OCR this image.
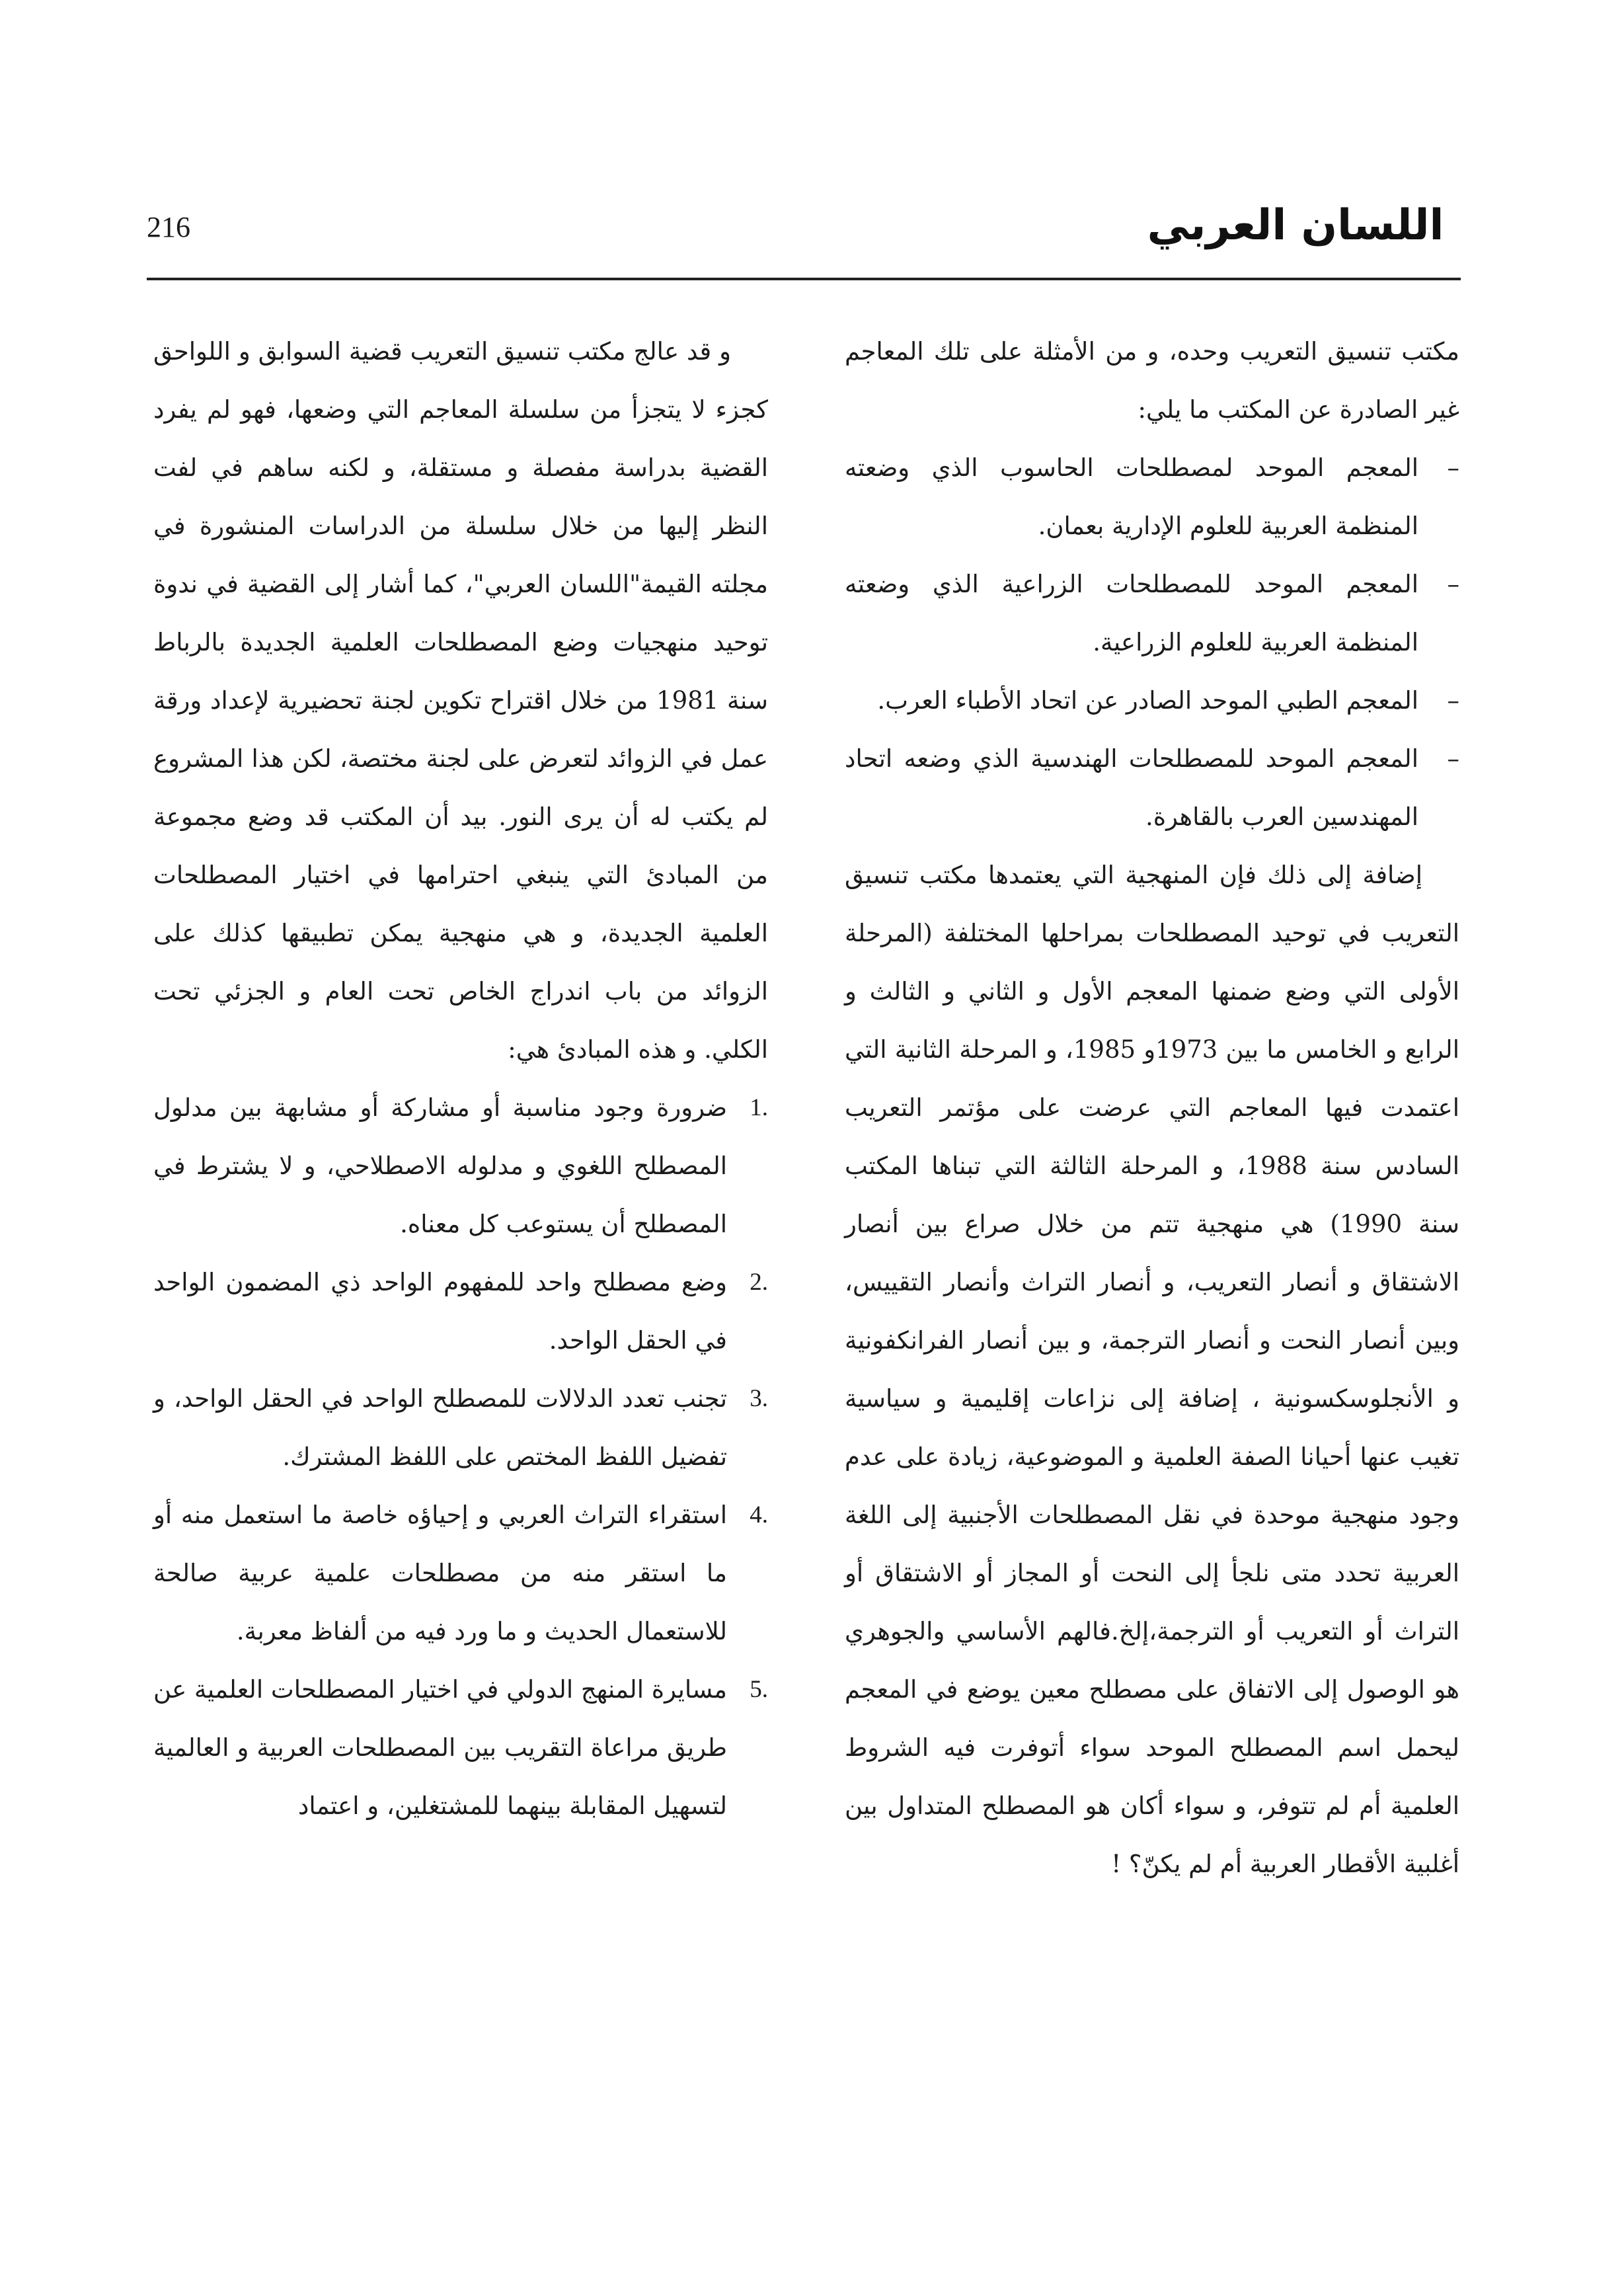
216	اللسان العربي

مكتب تنسيق التعريب وحده، و من الأمثلة على تلك المعاجم غير الصادرة عن المكتب ما يلي:

–
المعجم الموحد لمصطلحات الحاسوب الذي وضعته المنظمة العربية للعلوم الإدارية بعمان.
–
المعجم الموحد للمصطلحات الزراعية الذي وضعته المنظمة العربية للعلوم الزراعية.
–
المعجم الطبي الموحد الصادر عن اتحاد الأطباء العرب.
–
المعجم الموحد للمصطلحات الهندسية الذي وضعه اتحاد المهندسين العرب بالقاهرة.

إضافة إلى ذلك فإن المنهجية التي يعتمدها مكتب تنسيق التعريب في توحيد المصطلحات بمراحلها المختلفة (المرحلة الأولى التي وضع ضمنها المعجم الأول و الثاني و الثالث و الرابع و الخامس ما بين 1973و 1985، و المرحلة الثانية التي اعتمدت فيها المعاجم التي عرضت على مؤتمر التعريب السادس سنة 1988، و المرحلة الثالثة التي تبناها المكتب سنة 1990) هي منهجية تتم من خلال صراع بين أنصار الاشتقاق و أنصار التعريب، و أنصار التراث وأنصار التقييس، وبين أنصار النحت و أنصار الترجمة، و بين أنصار الفرانكفونية و الأنجلوسكسونية ، إضافة إلى نزاعات إقليمية و سياسية تغيب عنها أحيانا الصفة العلمية و الموضوعية، زيادة على عدم وجود منهجية موحدة في نقل المصطلحات الأجنبية إلى اللغة العربية تحدد متى نلجأ إلى النحت أو المجاز أو الاشتقاق أو التراث أو التعريب أو الترجمة،إلخ.فالهم الأساسي والجوهري هو الوصول إلى الاتفاق على مصطلح معين يوضع في المعجم ليحمل اسم المصطلح الموحد سواء أتوفرت فيه الشروط العلمية أم لم تتوفر، و سواء أكان هو المصطلح المتداول بين أغلبية الأقطار العربية أم لم يكنّ؟ !

و قد عالج مكتب تنسيق التعريب قضية السوابق و اللواحق كجزء لا يتجزأ من سلسلة المعاجم التي وضعها، فهو لم يفرد القضية بدراسة مفصلة و مستقلة، و لكنه ساهم في لفت النظر إليها من خلال سلسلة من الدراسات المنشورة في مجلته القيمة"اللسان العربي"، كما أشار إلى القضية في ندوة توحيد منهجيات وضع المصطلحات العلمية الجديدة بالرباط سنة 1981 من خلال اقتراح تكوين لجنة تحضيرية لإعداد ورقة عمل في الزوائد لتعرض على لجنة مختصة، لكن هذا المشروع لم يكتب له أن يرى النور. بيد أن المكتب قد وضع مجموعة من المبادئ التي ينبغي احترامها في اختيار المصطلحات العلمية الجديدة، و هي منهجية يمكن تطبيقها كذلك على الزوائد من باب اندراج الخاص تحت العام و الجزئي تحت الكلي. و هذه المبادئ هي:

1.
ضرورة وجود مناسبة أو مشاركة أو مشابهة بين مدلول المصطلح اللغوي و مدلوله الاصطلاحي، و لا يشترط في المصطلح أن يستوعب كل معناه.
2.
وضع مصطلح واحد للمفهوم الواحد ذي المضمون الواحد في الحقل الواحد.
3.
تجنب تعدد الدلالات للمصطلح الواحد في الحقل الواحد، و تفضيل اللفظ المختص على اللفظ المشترك.
4.
استقراء التراث العربي و إحياؤه خاصة ما استعمل منه أو ما استقر منه من مصطلحات علمية عربية صالحة للاستعمال الحديث و ما ورد فيه من ألفاظ معربة.
5.
مسايرة المنهج الدولي في اختيار المصطلحات العلمية عن طريق مراعاة التقريب بين المصطلحات العربية و العالمية لتسهيل المقابلة بينهما للمشتغلين، و اعتماد
